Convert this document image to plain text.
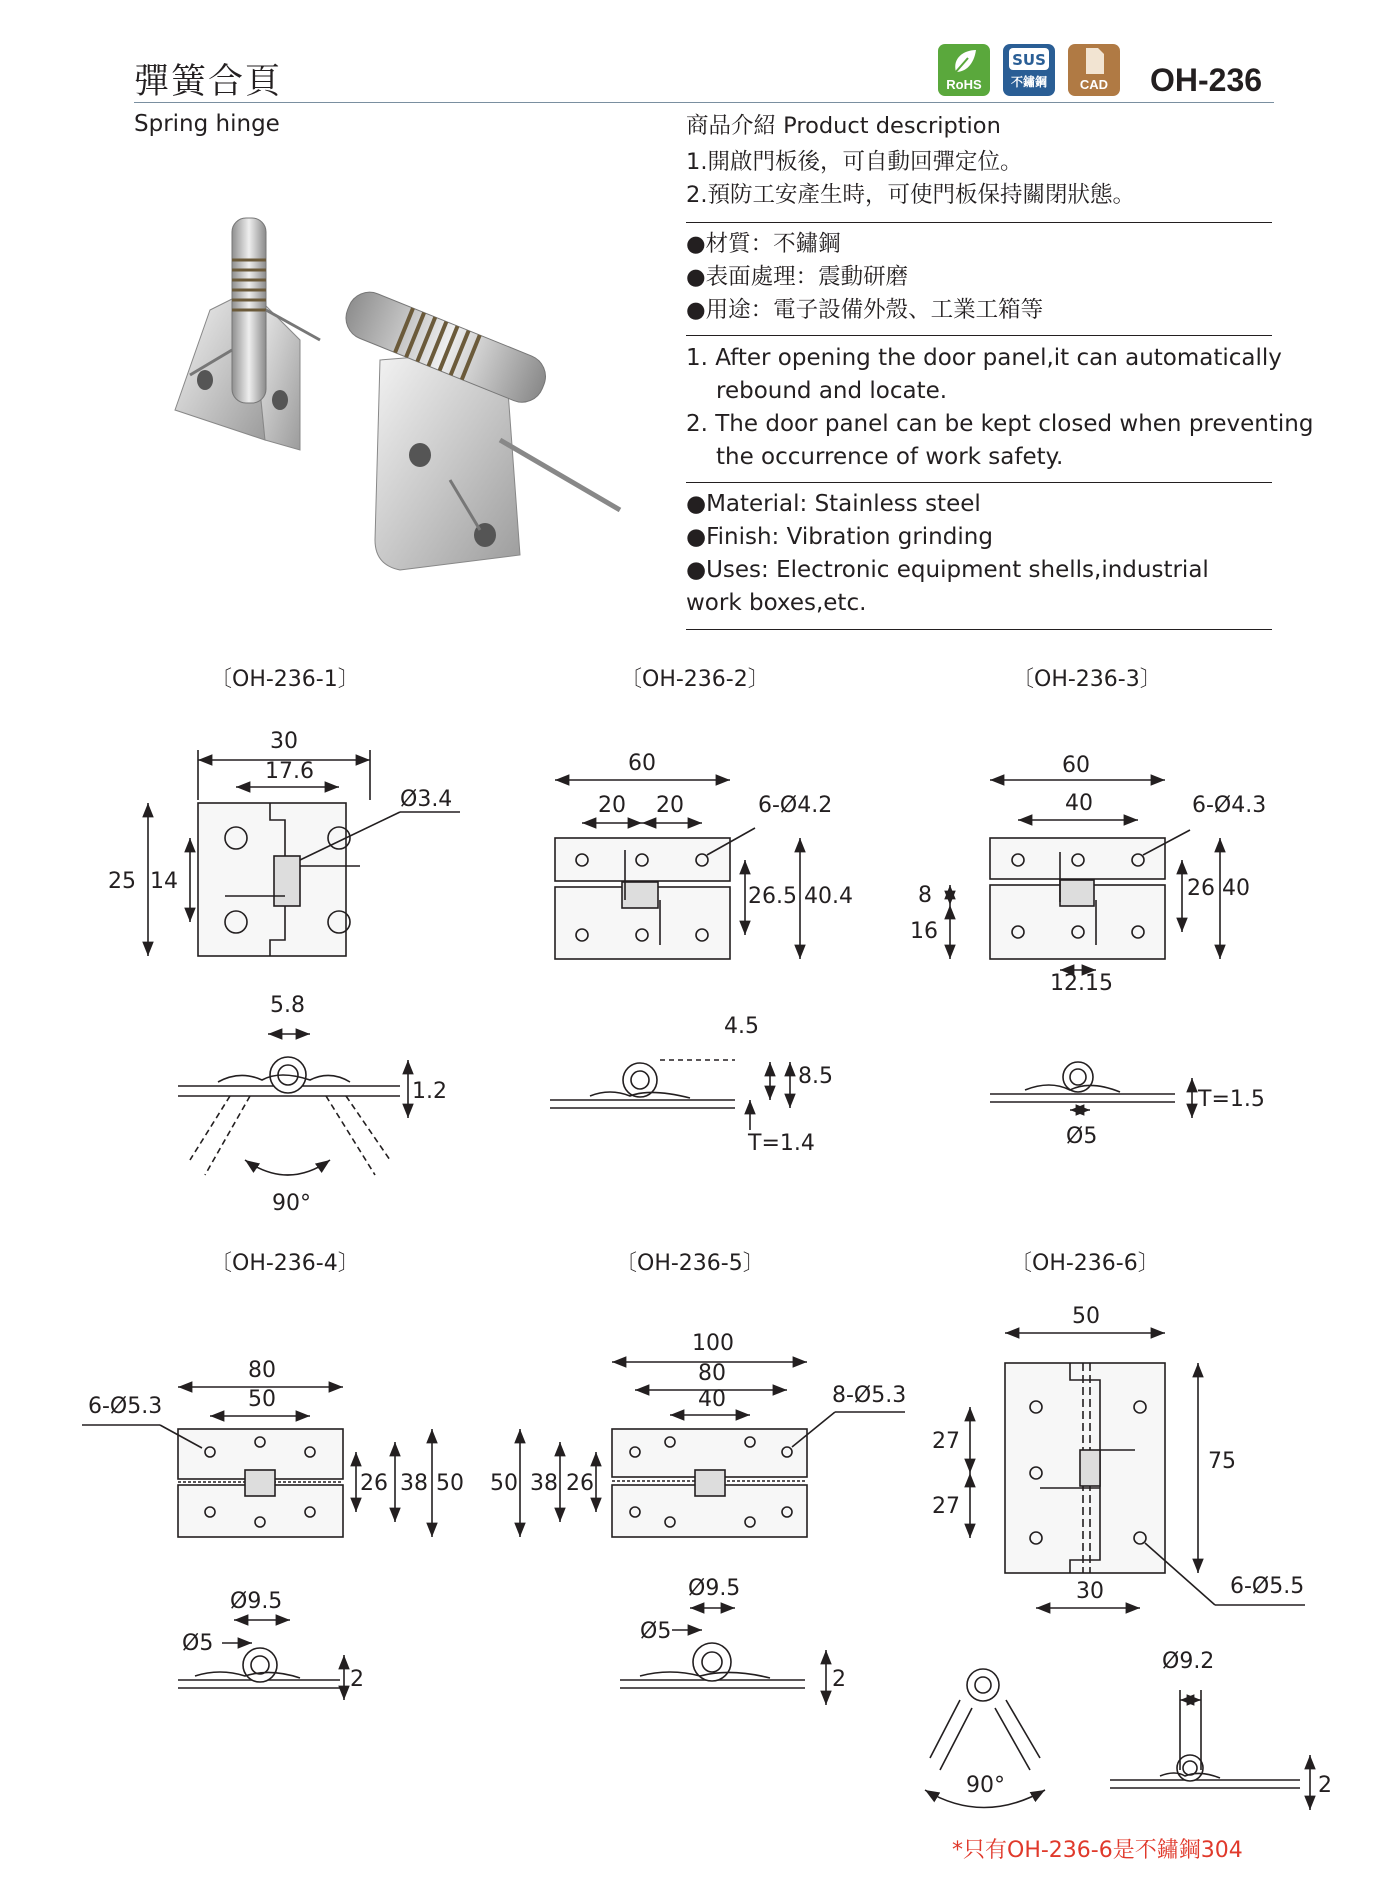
彈簧合頁
Spring hinge
RoHS
SUS
不鏽鋼	CAD	OH-236
商品介紹 Product description
1.開啟門板後，可自動回彈定位。
2.預防工安產生時，可使門板保持關閉狀態。
●材質：不鏽鋼
●表面處理：震動研磨
●用途：電子設備外殼、工業工箱等
1. After opening the door panel,it can automatically
rebound and locate.
2. The door panel can be kept closed when preventing
the occurrence of work safety.
●Material: Stainless steel
●Finish: Vibration grinding
●Uses: Electronic equipment shells,industrial
work boxes,etc.
〔OH-236-1〕	〔OH-236-2〕	〔OH-236-3〕
〔OH-236-4〕	〔OH-236-5〕	〔OH-236-6〕
30
17.6
Ø3.4
25 14
5.8
1.2
90°
60
20 20	6-Ø4.2
26.5 40.4
4.5
8.5
T=1.4
60
40	6-Ø4.3
8
16
26 40
12.15
T=1.5
Ø5
80
50
6-Ø5.3
26 38 50
Ø9.5
Ø5
2
100
80
40	8-Ø5.3
50 38 26
Ø9.5
Ø5
2
50
27
27
75
30	6-Ø5.5
90°
Ø9.2
2
*只有OH-236-6是不鏽鋼304
